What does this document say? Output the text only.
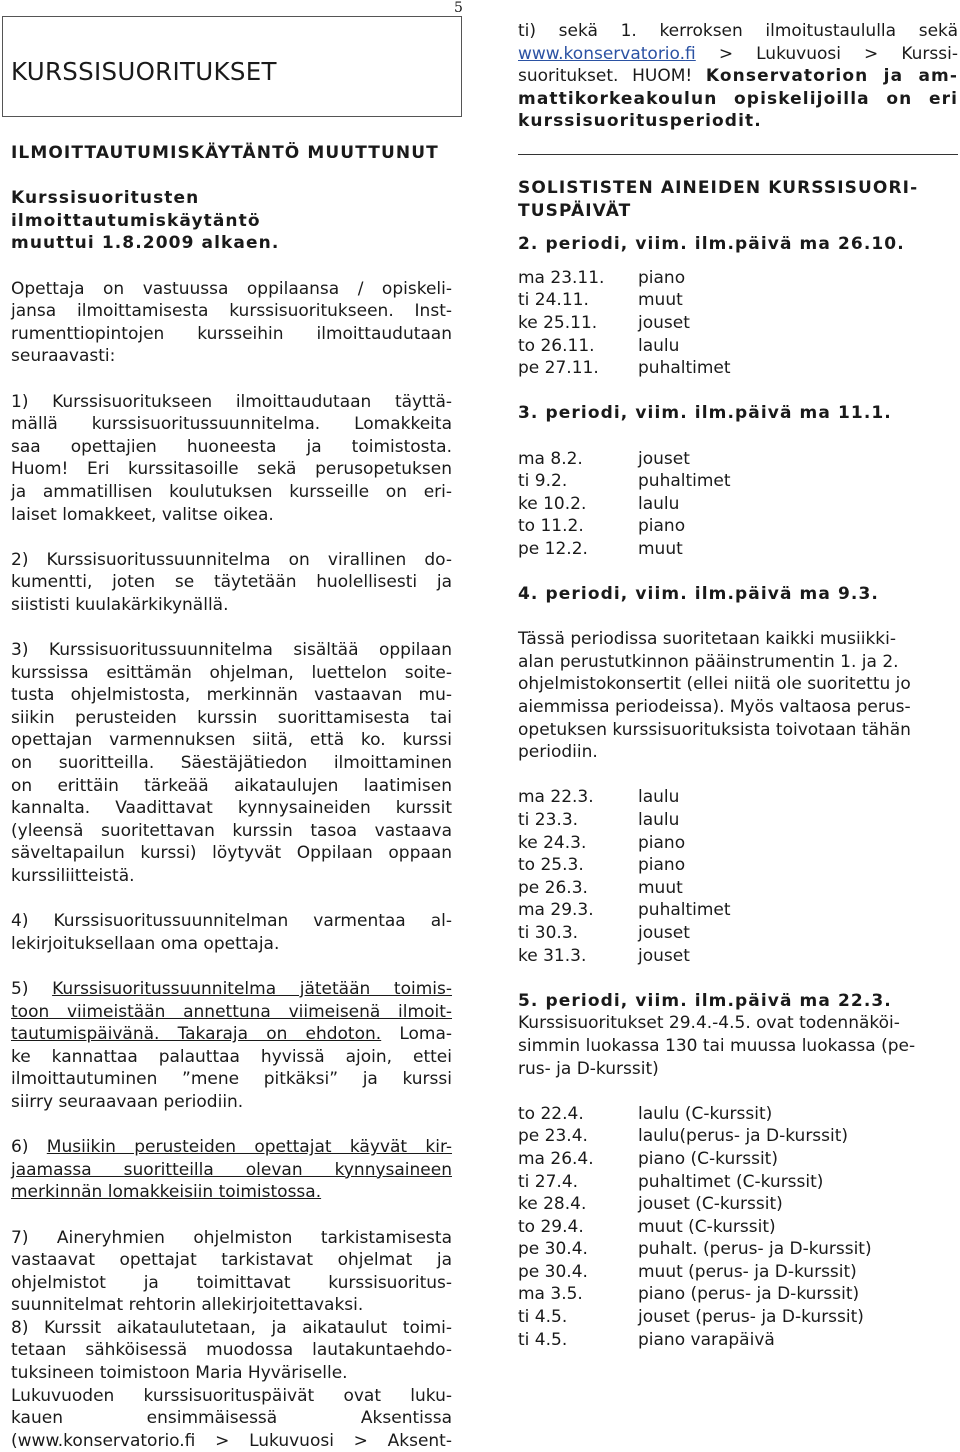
5
KURSSISUORITUKSET
ILMOITTAUTUMISKÄYTÄNTÖ MUUTTUNUT
Kurssisuoritusten ilmoittautumiskäytäntö
muuttui 1.8.2009 alkaen.
Opettaja on vastuussa oppilaansa / opiskeli-
jansa ilmoittamisesta kurssisuoritukseen. Inst-
rumenttiopintojen kursseihin ilmoittaudutaan
seuraavasti:
1) Kurssisuoritukseen ilmoittaudutaan täyttä-
mällä kurssisuoritussuunnitelma. Lomakkeita
saa opettajien huoneesta ja toimistosta.
Huom! Eri kurssitasoille sekä perusopetuksen
ja ammatillisen koulutuksen kursseille on eri-
laiset lomakkeet, valitse oikea.
2) Kurssisuoritussuunnitelma on virallinen do-
kumentti, joten se täytetään huolellisesti ja
siististi kuulakärkikynällä.
3) Kurssisuoritussuunnitelma sisältää oppilaan
kurssissa esittämän ohjelman, luettelon soite-
tusta ohjelmistosta, merkinnän vastaavan mu-
siikin perusteiden kurssin suorittamisesta tai
opettajan varmennuksen siitä, että ko. kurssi
on suoritteilla. Säestäjätiedon ilmoittaminen
on erittäin tärkeää aikataulujen laatimisen
kannalta. Vaadittavat kynnysaineiden kurssit
(yleensä suoritettavan kurssin tasoa vastaava
säveltapailun kurssi) löytyvät Oppilaan oppaan
kurssiliitteistä.
4) Kurssisuoritussuunnitelman varmentaa al-
lekirjoituksellaan oma opettaja.
5) Kurssisuoritussuunnitelma jätetään toimis-
toon viimeistään annettuna viimeisenä ilmoit-
tautumispäivänä. Takaraja on ehdoton. Loma-
ke kannattaa palauttaa hyvissä ajoin, ettei
ilmoittautuminen ”mene pitkäksi” ja kurssi
siirry seuraavaan periodiin.
6) Musiikin perusteiden opettajat käyvät kir-
jaamassa suoritteilla olevan kynnysaineen
merkinnän lomakkeisiin toimistossa.
7) Aineryhmien ohjelmiston tarkistamisesta
vastaavat opettajat tarkistavat ohjelmat ja
ohjelmistot ja toimittavat kurssisuoritus-
suunnitelmat rehtorin allekirjoitettavaksi.
8) Kurssit aikataulutetaan, ja aikataulut toimi-
tetaan sähköisessä muodossa lautakuntaehdo-
tuksineen toimistoon Maria Hyväriselle.
Lukuvuoden kurssisuorituspäivät ovat luku-
kauen ensimmäisessä Aksentissa
(www.konservatorio.fi > Lukuvuosi > Aksent-
ti) sekä 1. kerroksen ilmoitustaululla sekä
www.konservatorio.fi > Lukuvuosi > Kurssi-
suoritukset. HUOM! Konservatorion ja am-
mattikorkeakoulun opiskelijoilla on eri
kurssisuoritusperiodit.
SOLISTISTEN AINEIDEN KURSSISUORI-
TUSPÄIVÄT
2. periodi, viim. ilm.päivä ma 26.10.
ma 23.11.	piano
ti 24.11.	muut
ke 25.11.	jouset
to 26.11.	laulu
pe 27.11.	puhaltimet
3. periodi, viim. ilm.päivä ma 11.1.
ma 8.2.	jouset
ti 9.2.	puhaltimet
ke 10.2.	laulu
to 11.2.	piano
pe 12.2.	muut
4. periodi, viim. ilm.päivä ma 9.3.
Tässä periodissa suoritetaan kaikki musiikki-
alan perustutkinnon pääinstrumentin 1. ja 2.
ohjelmistokonsertit (ellei niitä ole suoritettu jo
aiemmissa periodeissa). Myös valtaosa perus-
opetuksen kurssisuorituksista toivotaan tähän
periodiin.
ma 22.3.	laulu
ti 23.3.	laulu
ke 24.3.	piano
to 25.3.	piano
pe 26.3.	muut
ma 29.3.	puhaltimet
ti 30.3.	jouset
ke 31.3.	jouset
5. periodi, viim. ilm.päivä ma 22.3.
Kurssisuoritukset 29.4.-4.5. ovat todennäköi-
simmin luokassa 130 tai muussa luokassa (pe-
rus- ja D-kurssit)
to 22.4.	laulu (C-kurssit)
pe 23.4.	laulu(perus- ja D-kurssit)
ma 26.4.	piano (C-kurssit)
ti 27.4.	puhaltimet (C-kurssit)
ke 28.4.	jouset (C-kurssit)
to 29.4.	muut (C-kurssit)
pe 30.4.	puhalt. (perus- ja D-kurssit)
pe 30.4.	muut (perus- ja D-kurssit)
ma 3.5.	piano (perus- ja D-kurssit)
ti 4.5.	jouset (perus- ja D-kurssit)
ti 4.5.	piano varapäivä
